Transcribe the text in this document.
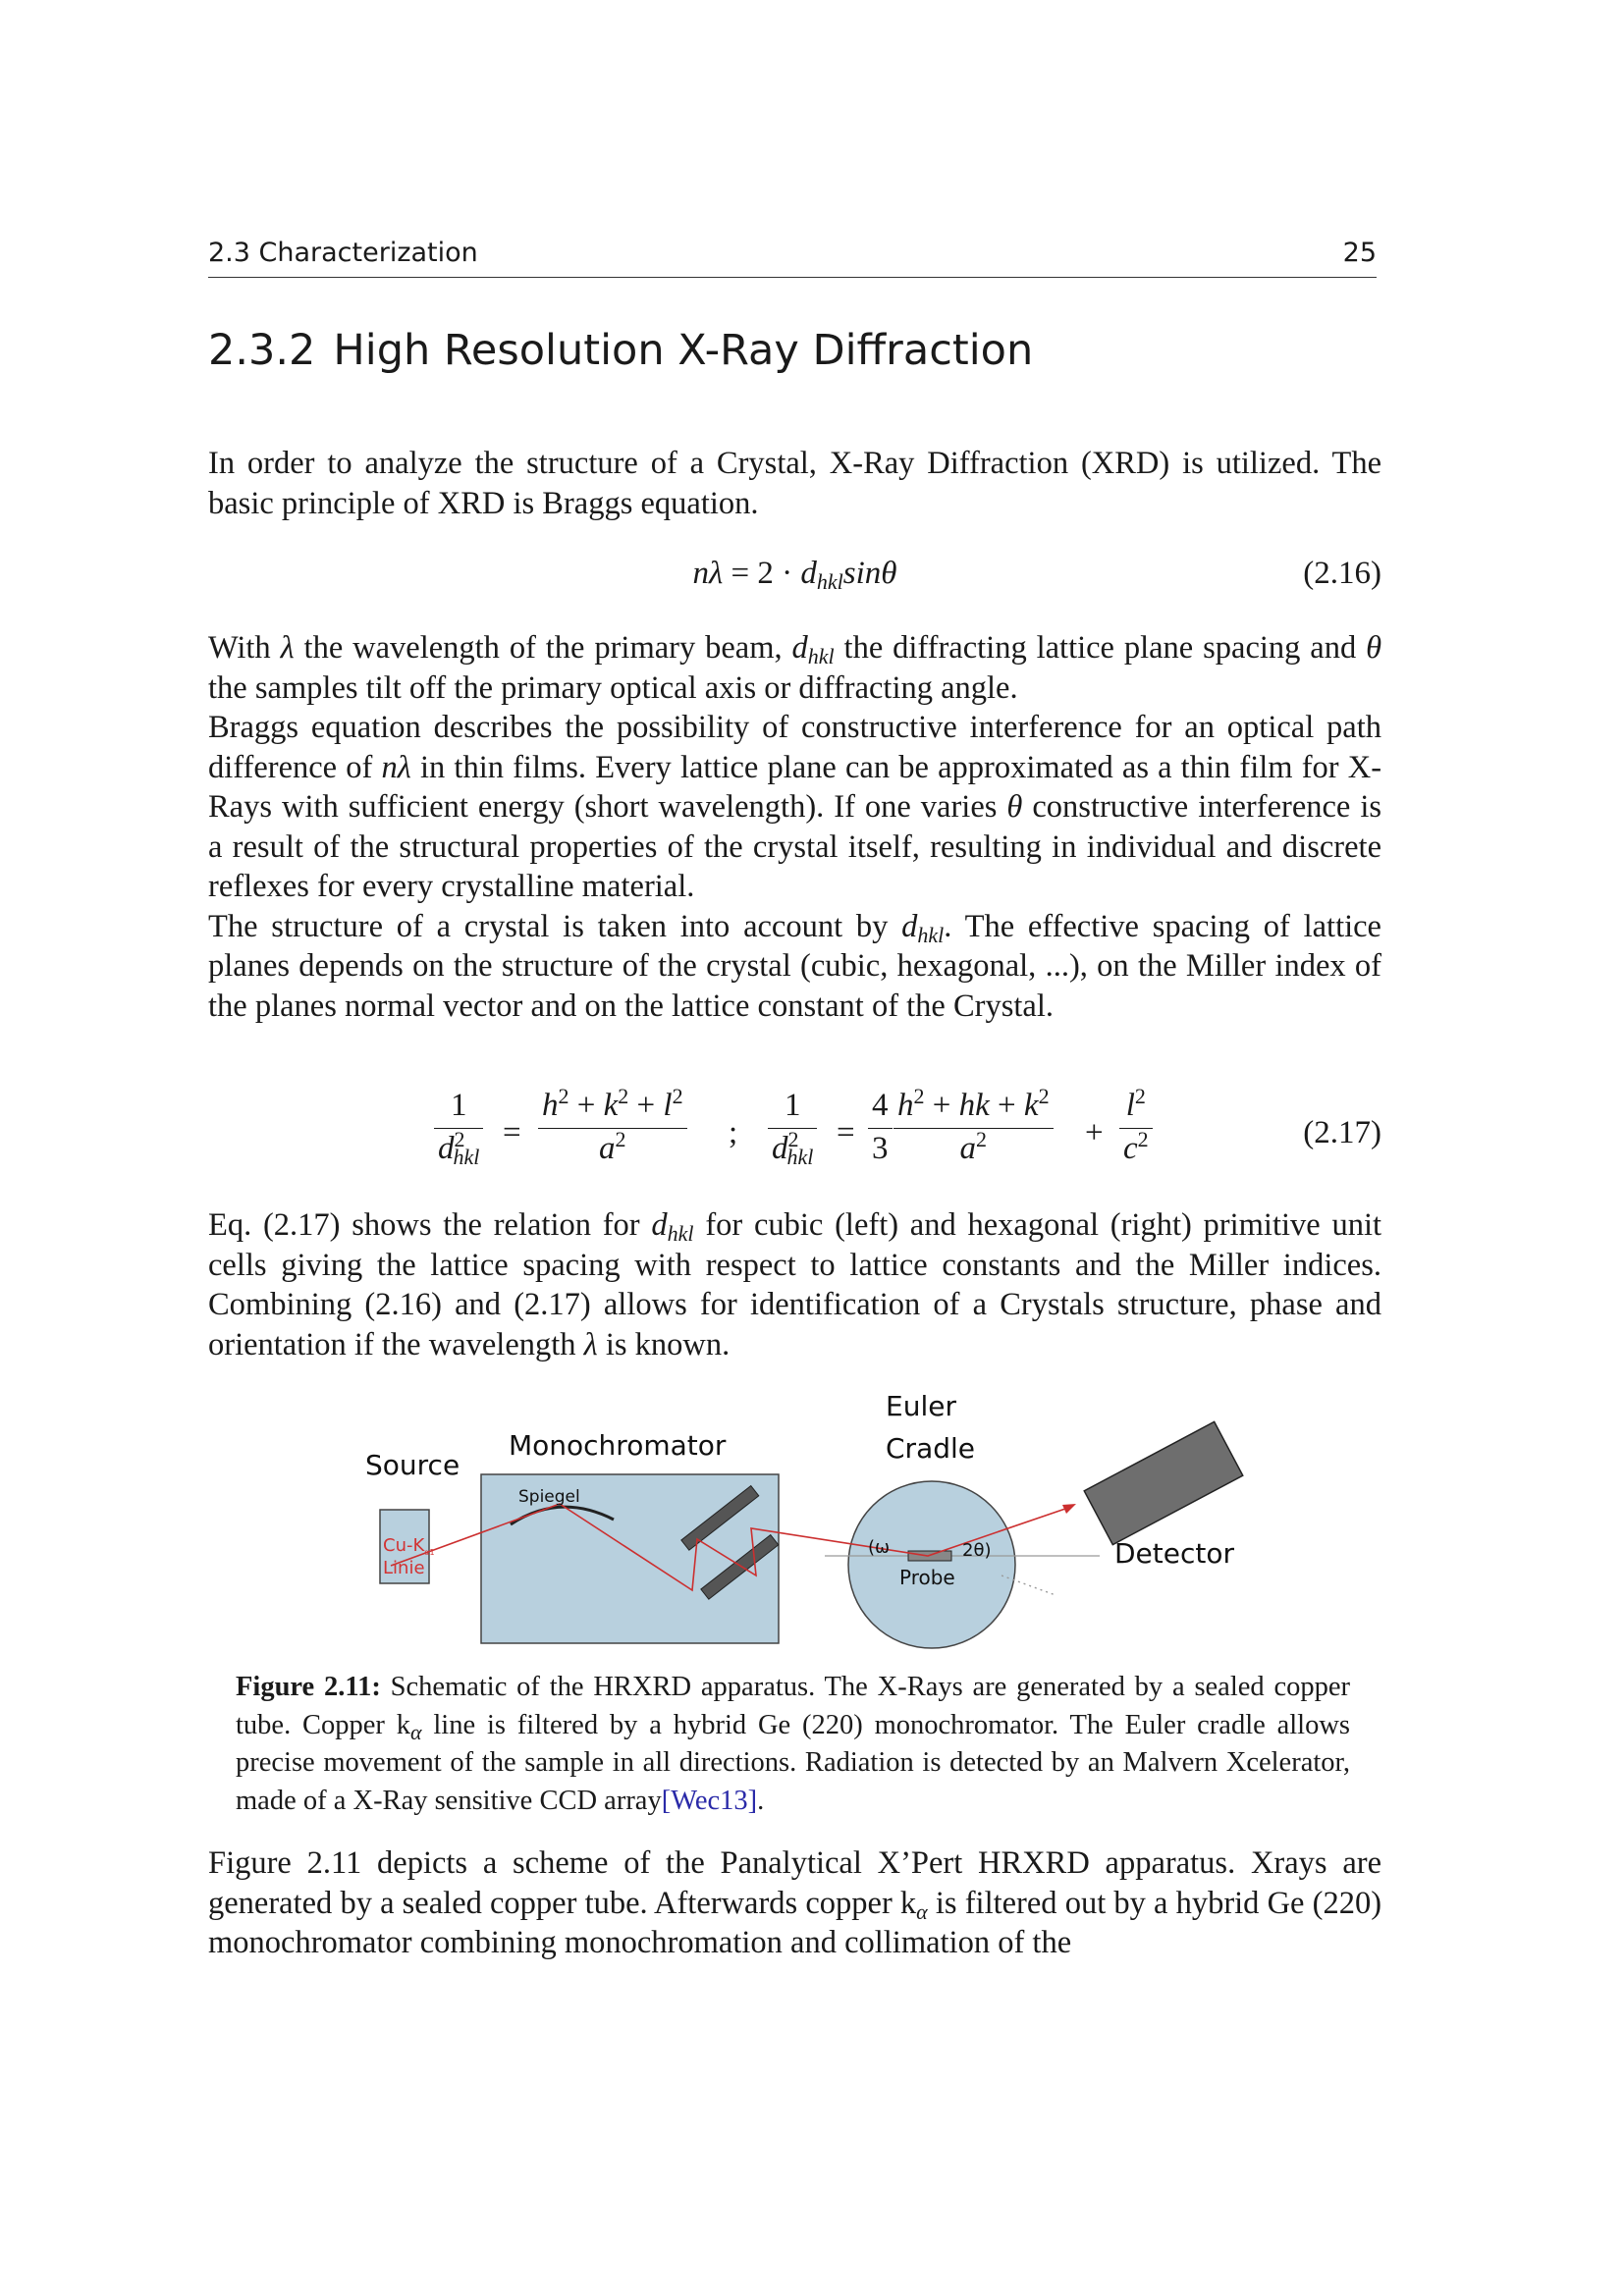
2.3 Characterization	25
2.3.2 High Resolution X-Ray Diffraction

In order to analyze the structure of a Crystal, X-Ray Diffraction (XRD) is utilized. The basic principle of XRD is Braggs equation.

$n\lambda = 2 \cdot d_{hkl}\sin\theta$	(2.16)

With λ the wavelength of the primary beam, $d_{hkl}$ the diffracting lattice plane spacing and θ the samples tilt off the primary optical axis or diffracting angle.
Braggs equation describes the possibility of constructive interference for an optical path difference of nλ in thin films. Every lattice plane can be approximated as a thin film for X-Rays with sufficient energy (short wavelength). If one varies θ constructive interference is a result of the structural properties of the crystal itself, resulting in individual and discrete reflexes for every crystalline material.
The structure of a crystal is taken into account by $d_{hkl}$. The effective spacing of lattice planes depends on the structure of the crystal (cubic, hexagonal, ...), on the Miller index of the planes normal vector and on the lattice constant of the Crystal.

1
$d^2_{hkl}$
= $\frac{h^2 + k^2 + l^2}{a^2}$ ;
1
$d^2_{hkl}$
= $\frac{4}{3} \frac{h^2 + hk + k^2}{a^2} + \frac{l^2}{c^2}$	(2.17)

Eq. (2.17) shows the relation for $d_{hkl}$ for cubic (left) and hexagonal (right) primitive unit cells giving the lattice spacing with respect to lattice constants and the Miller indices. Combining (2.16) and (2.17) allows for identification of a Crystals structure, phase and orientation if the wavelength λ is known.

Source
Monochromator
Euler
Cradle
Spiegel
$Cu-K_{\alpha 1}$
Linie	Probe
(ω	2θ)	Detector

Figure 2.11: Schematic of the HRXRD apparatus. The X-Rays are generated by a sealed copper tube. Copper $k_\alpha$ line is filtered by a hybrid Ge (220) monochromator. The Euler cradle allows precise movement of the sample in all directions. Radiation is detected by an Malvern Xcelerator, made of a X-Ray sensitive CCD array[Wec13].

Figure 2.11 depicts a scheme of the Panalytical X’Pert HRXRD apparatus. Xrays are generated by a sealed copper tube. Afterwards copper $k_\alpha$ is filtered out by a hybrid Ge (220) monochromator combining monochromation and collimation of the
